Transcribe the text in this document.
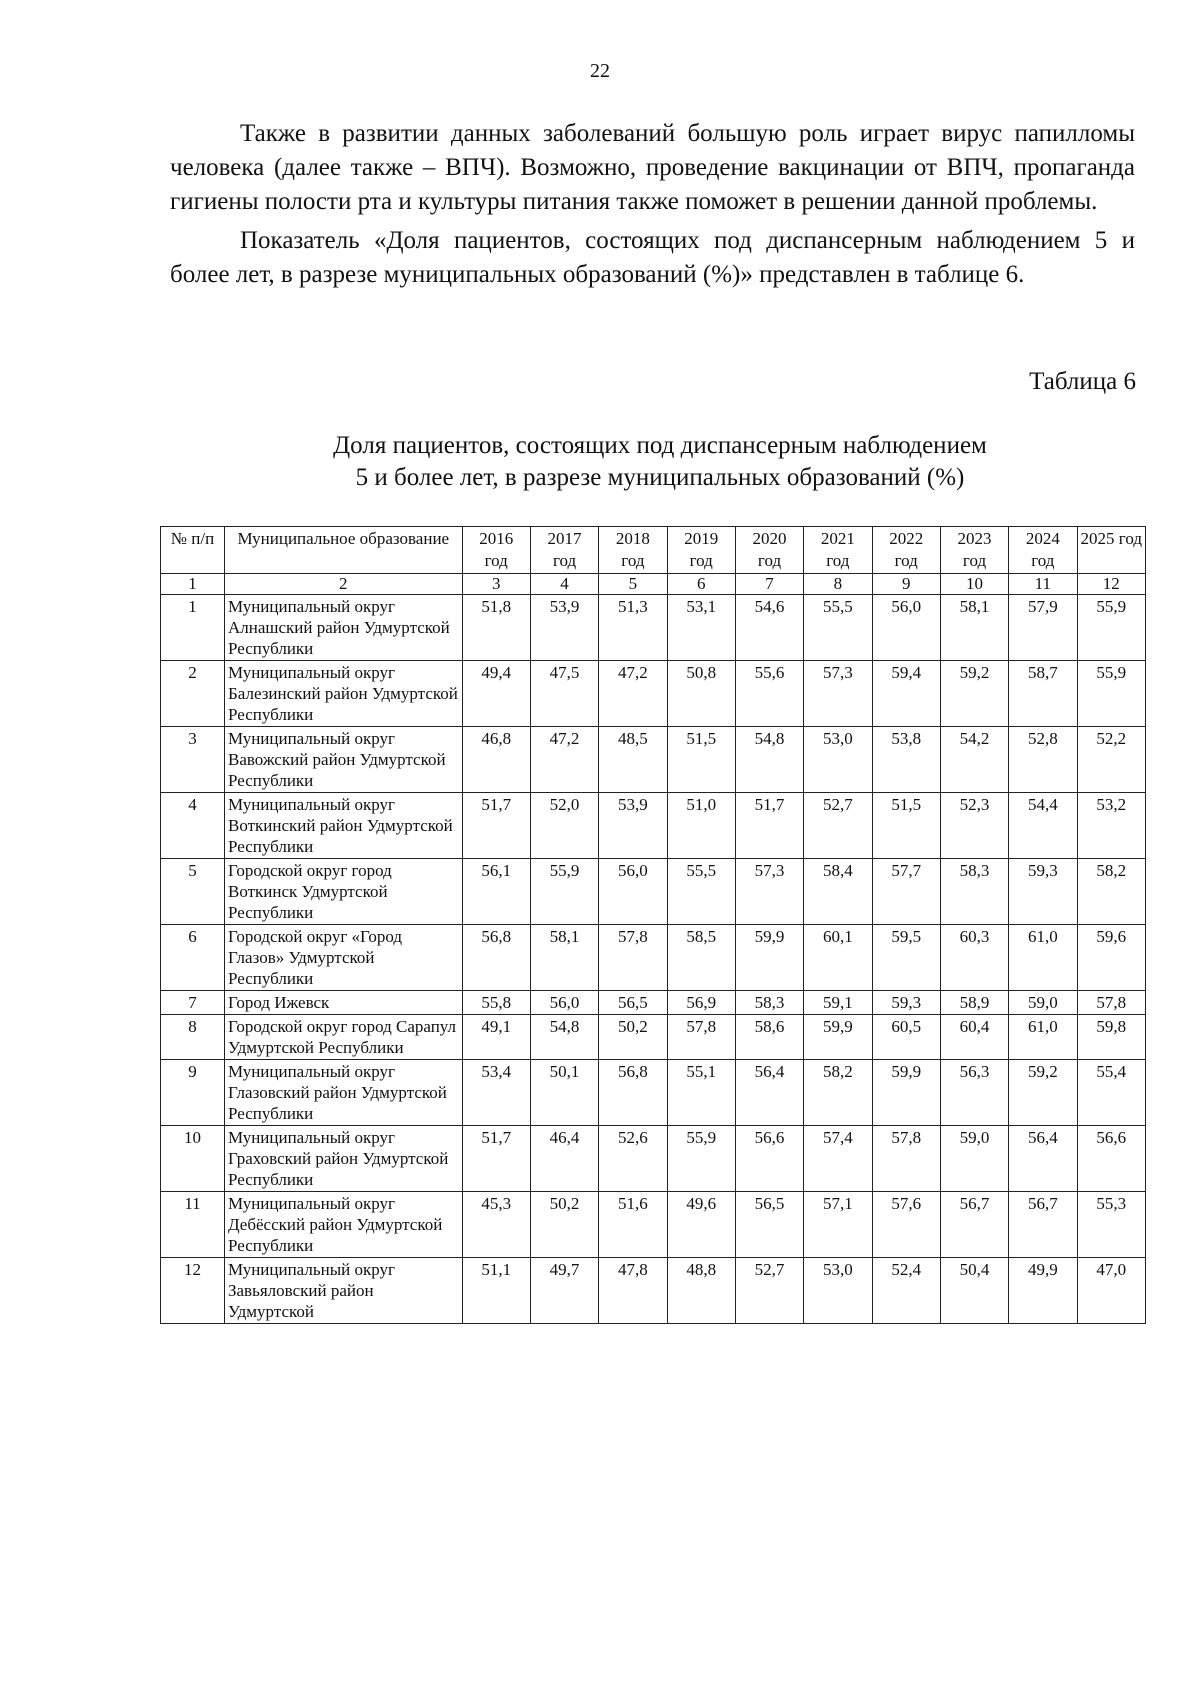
22

Также в развитии данных заболеваний большую роль играет вирус папилломы человека (далее также – ВПЧ). Возможно, проведение вакцинации от ВПЧ, пропаганда гигиены полости рта и культуры питания также поможет в решении данной проблемы.

Показатель «Доля пациентов, состоящих под диспансерным наблюдением 5 и более лет, в разрезе муниципальных образований (%)» представлен в таблице 6.

Таблица 6
Доля пациентов, состоящих под диспансерным наблюдением
5 и более лет, в разрезе муниципальных образований (%)
№ п/п	Муниципальное образование	2016 год	2017 год	2018 год	2019 год	2020 год	2021 год	2022 год	2023 год	2024 год	2025 год
1	2	3	4	5	6	7	8	9	10	11	12
1	Муниципальный округ Алнашский район Удмуртской Республики	51,8	53,9	51,3	53,1	54,6	55,5	56,0	58,1	57,9	55,9
2	Муниципальный округ Балезинский район Удмуртской Республики	49,4	47,5	47,2	50,8	55,6	57,3	59,4	59,2	58,7	55,9
3	Муниципальный округ Вавожский район Удмуртской Республики	46,8	47,2	48,5	51,5	54,8	53,0	53,8	54,2	52,8	52,2
4	Муниципальный округ Воткинский район Удмуртской Республики	51,7	52,0	53,9	51,0	51,7	52,7	51,5	52,3	54,4	53,2
5	Городской округ город Воткинск Удмуртской Республики	56,1	55,9	56,0	55,5	57,3	58,4	57,7	58,3	59,3	58,2
6	Городской округ «Город Глазов» Удмуртской Республики	56,8	58,1	57,8	58,5	59,9	60,1	59,5	60,3	61,0	59,6
7	Город Ижевск	55,8	56,0	56,5	56,9	58,3	59,1	59,3	58,9	59,0	57,8
8	Городской округ город Сарапул Удмуртской Республики	49,1	54,8	50,2	57,8	58,6	59,9	60,5	60,4	61,0	59,8
9	Муниципальный округ Глазовский район Удмуртской Республики	53,4	50,1	56,8	55,1	56,4	58,2	59,9	56,3	59,2	55,4
10	Муниципальный округ Граховский район Удмуртской Республики	51,7	46,4	52,6	55,9	56,6	57,4	57,8	59,0	56,4	56,6
11	Муниципальный округ Дебёсский район Удмуртской Республики	45,3	50,2	51,6	49,6	56,5	57,1	57,6	56,7	56,7	55,3
12	Муниципальный округ Завьяловский район Удмуртской	51,1	49,7	47,8	48,8	52,7	53,0	52,4	50,4	49,9	47,0
